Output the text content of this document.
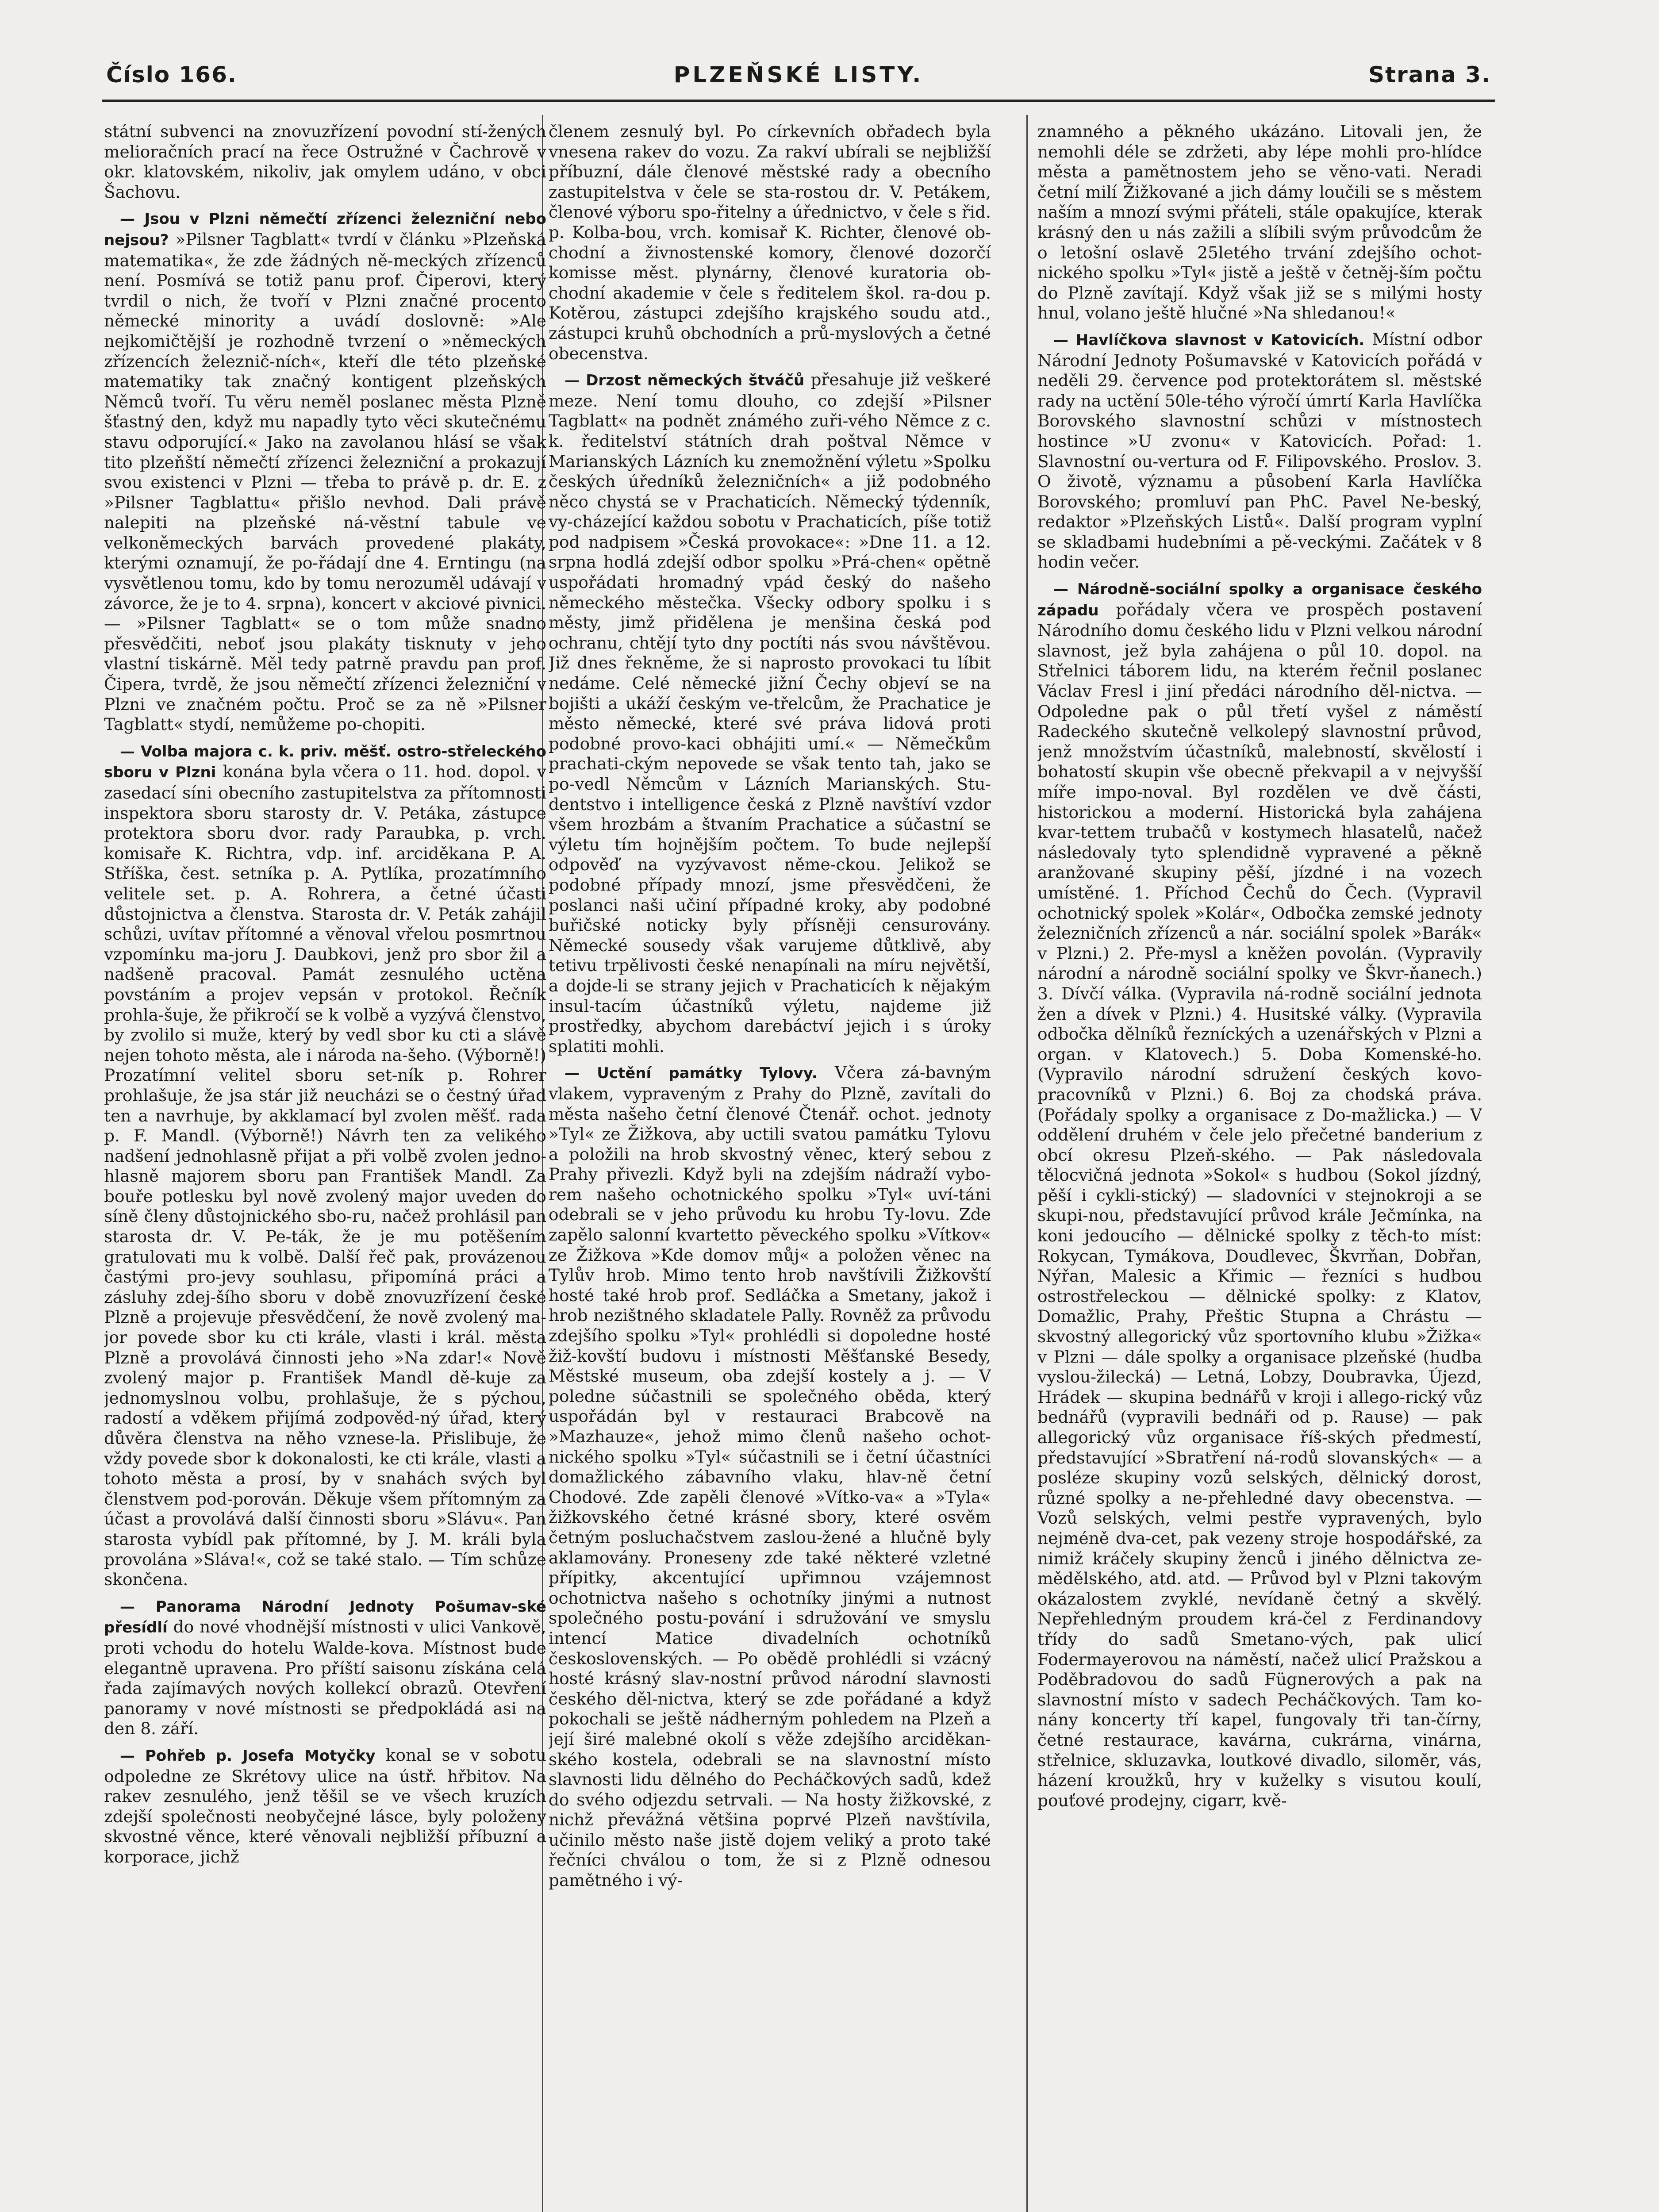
Číslo 166.	PLZEŇSKÉ LISTY.	Strana 3.

státní subvenci na znovuzřízení povodní stí-žených melioračních prací na řece Ostružné v Čachrově v okr. klatovském, nikoliv, jak omylem udáno, v obci Šachovu.

— Jsou v Plzni němečtí zřízenci železniční nebo nejsou? »Pilsner Tagblatt« tvrdí v článku »Plzeňská matematika«, že zde žádných ně-meckých zřízenců není. Posmívá se totiž panu prof. Čiperovi, který tvrdil o nich, že tvoří v Plzni značné procento německé minority a uvádí doslovně: »Ale nejkomičtější je rozhodně tvrzení o »německých zřízencích železnič-ních«, kteří dle této plzeňské matematiky tak značný kontigent plzeňských Němců tvoří. Tu věru neměl poslanec města Plzně šťastný den, když mu napadly tyto věci skutečnému stavu odporující.« Jako na zavolanou hlásí se však tito plzeňští němečtí zřízenci železniční a prokazují svou existenci v Plzni — třeba to právě p. dr. E. z »Pilsner Tagblattu« přišlo nevhod. Dali právě nalepiti na plzeňské ná-věstní tabule ve velkoněmeckých barvách provedené plakáty, kterými oznamují, že po-řádají dne 4. Erntingu (na vysvětlenou tomu, kdo by tomu nerozuměl udávají v závorce, že je to 4. srpna), koncert v akciové pivnici. — »Pilsner Tagblatt« se o tom může snadno přesvědčiti, neboť jsou plakáty tisknuty v jeho vlastní tiskárně. Měl tedy patrně pravdu pan prof. Čipera, tvrdě, že jsou němečtí zřízenci železniční v Plzni ve značném počtu. Proč se za ně »Pilsner Tagblatt« stydí, nemůžeme po-chopiti.

— Volba majora c. k. priv. měšť. ostro-střeleckého sboru v Plzni konána byla včera o 11. hod. dopol. v zasedací síni obecního zastupitelstva za přítomnosti inspektora sboru starosty dr. V. Petáka, zástupce protektora sboru dvor. rady Paraubka, p. vrch. komisaře K. Richtra, vdp. inf. arciděkana P. A. Stříška, čest. setníka p. A. Pytlíka, prozatímního velitele set. p. A. Rohrera, a četné účasti důstojnictva a členstva. Starosta dr. V. Peták zahájil schůzi, uvítav přítomné a věnoval vřelou posmrtnou vzpomínku ma-joru J. Daubkovi, jenž pro sbor žil a nadšeně pracoval. Památ zesnulého uctěna povstáním a projev vepsán v protokol. Řečník prohla-šuje, že přikročí se k volbě a vyzývá členstvo, by zvolilo si muže, který by vedl sbor ku cti a slávě nejen tohoto města, ale i národa na-šeho. (Výborně!) Prozatímní velitel sboru set-ník p. Rohrer prohlašuje, že jsa stár již neucházi se o čestný úřad ten a navrhuje, by akklamací byl zvolen měšť. rada p. F. Mandl. (Výborně!) Návrh ten za velikého nadšení jednohlasně přijat a při volbě zvolen jedno-hlasně majorem sboru pan František Mandl. Za bouře potlesku byl nově zvolený major uveden do síně členy důstojnického sbo-ru, načež prohlásil pan starosta dr. V. Pe-ták, že je mu potěšením gratulovati mu k volbě. Další řeč pak, provázenou častými pro-jevy souhlasu, připomíná práci a zásluhy zdej-šího sboru v době znovuzřízení české Plzně a projevuje přesvědčení, že nově zvolený ma-jor povede sbor ku cti krále, vlasti i král. města Plzně a provolává činnosti jeho »Na zdar!« Nově zvolený major p. František Mandl dě-kuje za jednomyslnou volbu, prohlašuje, že s pýchou, radostí a vděkem přijímá zodpověd-ný úřad, který důvěra členstva na něho vznese-la. Přislibuje, že vždy povede sbor k dokonalosti, ke cti krále, vlasti a tohoto města a prosí, by v snahách svých byl členstvem pod-porován. Děkuje všem přítomným za účast a provolává další činnosti sboru »Slávu«. Pan starosta vybídl pak přítomné, by J. M. králi byla provolána »Sláva!«, což se také stalo. — Tím schůze skončena.

— Panorama Národní Jednoty Pošumav-ské přesídlí do nové vhodnější místnosti v ulici Vankově, proti vchodu do hotelu Walde-kova. Místnost bude elegantně upravena. Pro příští saisonu získána celá řada zajímavých nových kollekcí obrazů. Otevření panoramy v nové místnosti se předpokládá asi na den 8. září.

— Pohřeb p. Josefa Motyčky konal se v sobotu odpoledne ze Skrétovy ulice na ústř. hřbitov. Na rakev zesnulého, jenž těšil se ve všech kruzích zdejší společnosti neobyčejné lásce, byly položeny skvostné věnce, které věnovali nejbližší příbuzní a korporace, jichž

členem zesnulý byl. Po církevních obřadech byla vnesena rakev do vozu. Za rakví ubírali se nejbližší příbuzní, dále členové městské rady a obecního zastupitelstva v čele se sta-rostou dr. V. Petákem, členové výboru spo-řitelny a úřednictvo, v čele s řid. p. Kolba-bou, vrch. komisař K. Richter, členové ob-chodní a živnostenské komory, členové dozorčí komisse měst. plynárny, členové kuratoria ob-chodní akademie v čele s ředitelem škol. ra-dou p. Kotěrou, zástupci zdejšího krajského soudu atd., zástupci kruhů obchodních a prů-myslových a četné obecenstva.

— Drzost německých štváčů přesahuje již veškeré meze. Není tomu dlouho, co zdejší »Pilsner Tagblatt« na podnět známého zuři-vého Němce z c. k. ředitelství státních drah poštval Němce v Marianských Lázních ku znemožnění výletu »Spolku českých úředníků železničních« a již podobného něco chystá se v Prachaticích. Německý týdenník, vy-cházející každou sobotu v Prachaticích, píše totiž pod nadpisem »Česká provokace«: »Dne 11. a 12. srpna hodlá zdejší odbor spolku »Prá-chen« opětně uspořádati hromadný vpád český do našeho německého městečka. Všecky odbory spolku i s městy, jimž přidělena je menšina česká pod ochranu, chtějí tyto dny poctíti nás svou návštěvou. Již dnes řekněme, že si naprosto provokaci tu líbit nedáme. Celé německé jižní Čechy objeví se na bojišti a ukáží českým ve-třelcům, že Prachatice je město německé, které své práva lidová proti podobné provo-kaci obhájiti umí.« — Němečkům prachati-ckým nepovede se však tento tah, jako se po-vedl Němcům v Lázních Marianských. Stu-dentstvo i intelligence česká z Plzně navštíví vzdor všem hrozbám a štvaním Prachatice a súčastní se výletu tím hojnějším počtem. To bude nejlepší odpověď na vyzývavost něme-ckou. Jelikož se podobné případy mnozí, jsme přesvědčeni, že poslanci naši učiní případné kroky, aby podobné buřičské noticky byly přísněji censurovány. Německé sousedy však varujeme důtklivě, aby tetivu trpělivosti české nenapínali na míru největší, a dojde-li se strany jejich v Prachaticích k nějakým insul-tacím účastníků výletu, najdeme již prostředky, abychom darebáctví jejich i s úroky splatiti mohli.

— Uctění památky Tylovy. Včera zá-bavným vlakem, vypraveným z Prahy do Plzně, zavítali do města našeho četní členové Čtenář. ochot. jednoty »Tyl« ze Žižkova, aby uctili svatou památku Tylovu a položili na hrob skvostný věnec, který sebou z Prahy přivezli. Když byli na zdejším nádraží vybo-rem našeho ochotnického spolku »Tyl« uví-táni odebrali se v jeho průvodu ku hrobu Ty-lovu. Zde zapělo salonní kvartetto pěveckého spolku »Vítkov« ze Žižkova »Kde domov můj« a položen věnec na Tylův hrob. Mimo tento hrob navštívili Žižkovští hosté také hrob prof. Sedláčka a Smetany, jakož i hrob nezištného skladatele Pally. Rovněž za průvodu zdejšího spolku »Tyl« prohlédli si dopoledne hosté žiž-kovští budovu i místnosti Měšťanské Besedy, Městské museum, oba zdejší kostely a j. — V poledne súčastnili se společného oběda, který uspořádán byl v restauraci Brabcově na »Mazhauze«, jehož mimo členů našeho ochot-nického spolku »Tyl« súčastnili se i četní účastníci domažlického zábavního vlaku, hlav-ně četní Chodové. Zde zapěli členové »Vítko-va« a »Tyla« žižkovského četné krásné sbory, které osvěm četným posluchačstvem zaslou-žené a hlučně byly aklamovány. Proneseny zde také některé vzletné přípitky, akcentující upřimnou vzájemnost ochotnictva našeho s ochotníky jinými a nutnost společného postu-pování i sdružování ve smyslu intencí Matice divadelních ochotníků československých. — Po obědě prohlédli si vzácný hosté krásný slav-nostní průvod národní slavnosti českého děl-nictva, který se zde pořádané a když pokochali se ještě nádherným pohledem na Plzeň a její širé malebné okolí s věže zdejšího arciděkan-ského kostela, odebrali se na slavnostní místo slavnosti lidu dělného do Pecháčkových sadů, kdež do svého odjezdu setrvali. — Na hosty žižkovské, z nichž převážná většina poprvé Plzeň navštívila, učinilo město naše jistě dojem veliký a proto také řečníci chválou o tom, že si z Plzně odnesou pamětného i vý-

znamného a pěkného ukázáno. Litovali jen, že nemohli déle se zdržeti, aby lépe mohli pro-hlídce města a pamětnostem jeho se věno-vati. Neradi četní milí Žižkované a jich dámy loučili se s městem naším a mnozí svými přáteli, stále opakujíce, kterak krásný den u nás zažili a slíbili svým průvodcům že o letošní oslavě 25letého trvání zdejšího ochot-nického spolku »Tyl« jistě a ještě v četněj-ším počtu do Plzně zavítají. Když však již se s milými hosty hnul, volano ještě hlučné »Na shledanou!«

— Havlíčkova slavnost v Katovicích. Místní odbor Národní Jednoty Pošumavské v Katovicích pořádá v neděli 29. července pod protektorátem sl. městské rady na uctění 50le-tého výročí úmrtí Karla Havlíčka Borovského slavnostní schůzi v místnostech hostince »U zvonu« v Katovicích. Pořad: 1. Slavnostní ou-vertura od F. Filipovského. Proslov. 3. O životě, významu a působení Karla Havlíčka Borovského; promluví pan PhC. Pavel Ne-beský, redaktor »Plzeňských Listů«. Další program vyplní se skladbami hudebními a pě-veckými. Začátek v 8 hodin večer.

— Národně-sociální spolky a organisace českého západu pořádaly včera ve prospěch postavení Národního domu českého lidu v Plzni velkou národní slavnost, jež byla zahájena o půl 10. dopol. na Střelnici táborem lidu, na kterém řečnil poslanec Václav Fresl i jiní předáci národního děl-nictva. — Odpoledne pak o půl třetí vyšel z náměstí Radeckého skutečně velkolepý slavnostní průvod, jenž množstvím účastníků, malebností, skvělostí i bohatostí skupin vše obecně překvapil a v nejvyšší míře impo-noval. Byl rozdělen ve dvě části, historickou a moderní. Historická byla zahájena kvar-tettem trubačů v kostymech hlasatelů, načež následovaly tyto splendidně vypravené a pěkně aranžované skupiny pěší, jízdné i na vozech umístěné. 1. Příchod Čechů do Čech. (Vypravil ochotnický spolek »Kolár«, Odbočka zemské jednoty železničních zřízenců a nár. sociální spolek »Barák« v Plzni.) 2. Pře-mysl a kněžen povolán. (Vypravily národní a národně sociální spolky ve Škvr-ňanech.) 3. Dívčí válka. (Vypravila ná-rodně sociální jednota žen a dívek v Plzni.) 4. Husitské války. (Vypravila odbočka dělníků řezníckých a uzenářských v Plzni a organ. v Klatovech.) 5. Doba Komenské-ho. (Vypravilo národní sdružení českých kovo-pracovníků v Plzni.) 6. Boj za chodská práva. (Pořádaly spolky a organisace z Do-mažlicka.) — V oddělení druhém v čele jelo přečetné banderium z obcí okresu Plzeň-ského. — Pak následovala tělocvičná jednota »Sokol« s hudbou (Sokol jízdný, pěší i cykli-stický) — sladovníci v stejnokroji a se skupi-nou, představující průvod krále Ječmínka, na koni jedoucího — dělnické spolky z těch-to míst: Rokycan, Tymákova, Doudlevec, Škvrňan, Dobřan, Nýřan, Malesic a Křimic — řezníci s hudbou ostrostřeleckou — dělnické spolky: z Klatov, Domažlic, Prahy, Přeštic Stupna a Chrástu — skvostný allegorický vůz sportovního klubu »Žižka« v Plzni — dále spolky a organisace plzeňské (hudba vyslou-žilecká) — Letná, Lobzy, Doubravka, Újezd, Hrádek — skupina bednářů v kroji i allego-rický vůz bednářů (vypravili bednáři od p. Rause) — pak allegorický vůz organisace říš-ských předmestí, představující »Sbratření ná-rodů slovanských« — a posléze skupiny vozů selských, dělnický dorost, různé spolky a ne-přehledné davy obecenstva. — Vozů selských, velmi pestře vypravených, bylo nejméně dva-cet, pak vezeny stroje hospodářské, za nimiž kráčely skupiny ženců i jiného dělnictva ze-mědělského, atd. atd. — Průvod byl v Plzni takovým okázalostem zvyklé, nevídaně četný a skvělý. Nepřehledným proudem krá-čel z Ferdinandovy třídy do sadů Smetano-vých, pak ulicí Fodermayerovou na náměstí, načež ulicí Pražskou a Poděbradovou do sadů Fügnerových a pak na slavnostní místo v sadech Pecháčkových. Tam ko-nány koncerty tří kapel, fungovaly tři tan-čírny, četné restaurace, kavárna, cukrárna, vinárna, střelnice, skluzavka, loutkové divadlo, siloměr, vás, házení kroužků, hry v kuželky s visutou koulí, pouťové prodejny, cigarr, kvě-
